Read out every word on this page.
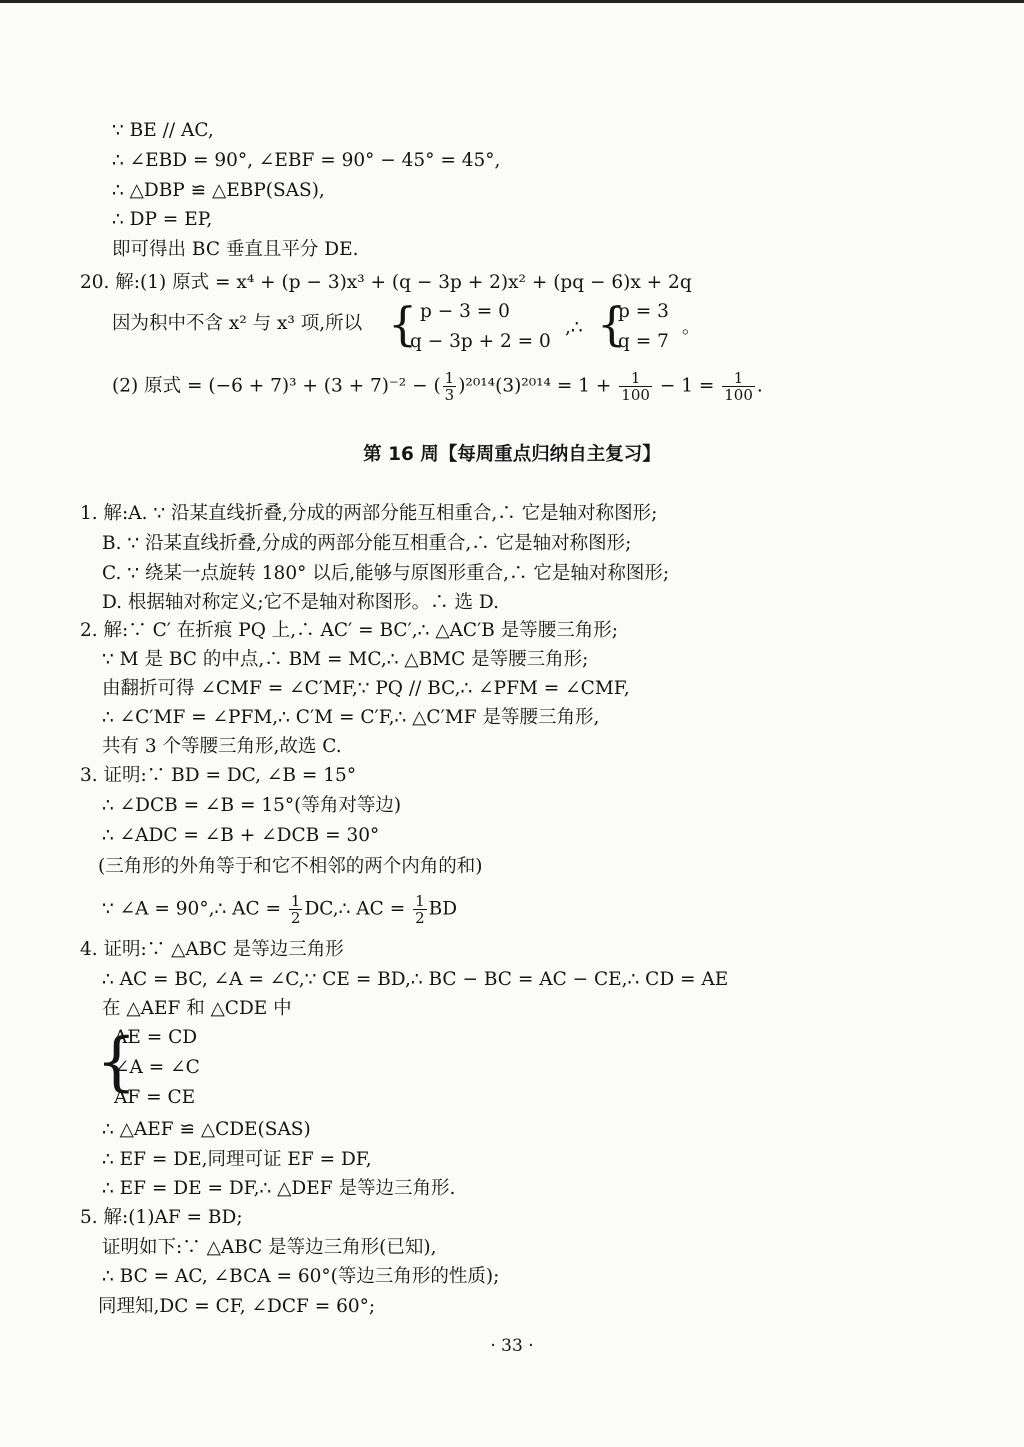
∵ BE // AC,
∴ ∠EBD = 90°, ∠EBF = 90° − 45° = 45°,
∴ △DBP ≌ △EBP(SAS),
∴ DP = EP,
即可得出 BC 垂直且平分 DE.
20. 解:(1) 原式 = x⁴ + (p − 3)x³ + (q − 3p + 2)x² + (pq − 6)x + 2q
因为积中不含 x² 与 x³ 项,所以 { p − 3 = 0
q − 3p + 2 = 0
,∴ {
p = 3
q = 7
。
(2) 原式 = (−6 + 7)³ + (3 + 7)⁻² − ( $\frac{1}{3} )^{2014}(3)^{2014} = 1 + \frac{1}{100} - 1 = \frac{1}{100}$ .
第 16 周【每周重点归纳自主复习】
1. 解:A. ∵ 沿某直线折叠,分成的两部分能互相重合,∴ 它是轴对称图形;
B. ∵ 沿某直线折叠,分成的两部分能互相重合,∴ 它是轴对称图形;
C. ∵ 绕某一点旋转 180° 以后,能够与原图形重合,∴ 它是轴对称图形;
D. 根据轴对称定义;它不是轴对称图形。∴ 选 D.
2. 解:∵ C′ 在折痕 PQ 上,∴ AC′ = BC′,∴ △AC′B 是等腰三角形;
∵ M 是 BC 的中点,∴ BM = MC,∴ △BMC 是等腰三角形;
由翻折可得 ∠CMF = ∠C′MF,∵ PQ // BC,∴ ∠PFM = ∠CMF,
∴ ∠C′MF = ∠PFM,∴ C′M = C′F,∴ △C′MF 是等腰三角形,
共有 3 个等腰三角形,故选 C.
3. 证明:∵ BD = DC, ∠B = 15°
∴ ∠DCB = ∠B = 15°(等角对等边)
∴ ∠ADC = ∠B + ∠DCB = 30°
(三角形的外角等于和它不相邻的两个内角的和)
∵ ∠A = 90°,∴ AC = $\frac{1}{2}$ DC,∴ AC = $\frac{1}{2}$ BD
4. 证明:∵ △ABC 是等边三角形
∴ AC = BC, ∠A = ∠C,∵ CE = BD,∴ BC − BC = AC − CE,∴ CD = AE
在 △AEF 和 △CDE 中
{
AE = CD
∠A = ∠C
AF = CE
∴ △AEF ≌ △CDE(SAS)
∴ EF = DE,同理可证 EF = DF,
∴ EF = DE = DF,∴ △DEF 是等边三角形.
5. 解:(1)AF = BD;
证明如下:∵ △ABC 是等边三角形(已知),
∴ BC = AC, ∠BCA = 60°(等边三角形的性质);
同理知,DC = CF, ∠DCF = 60°;
· 33 ·
